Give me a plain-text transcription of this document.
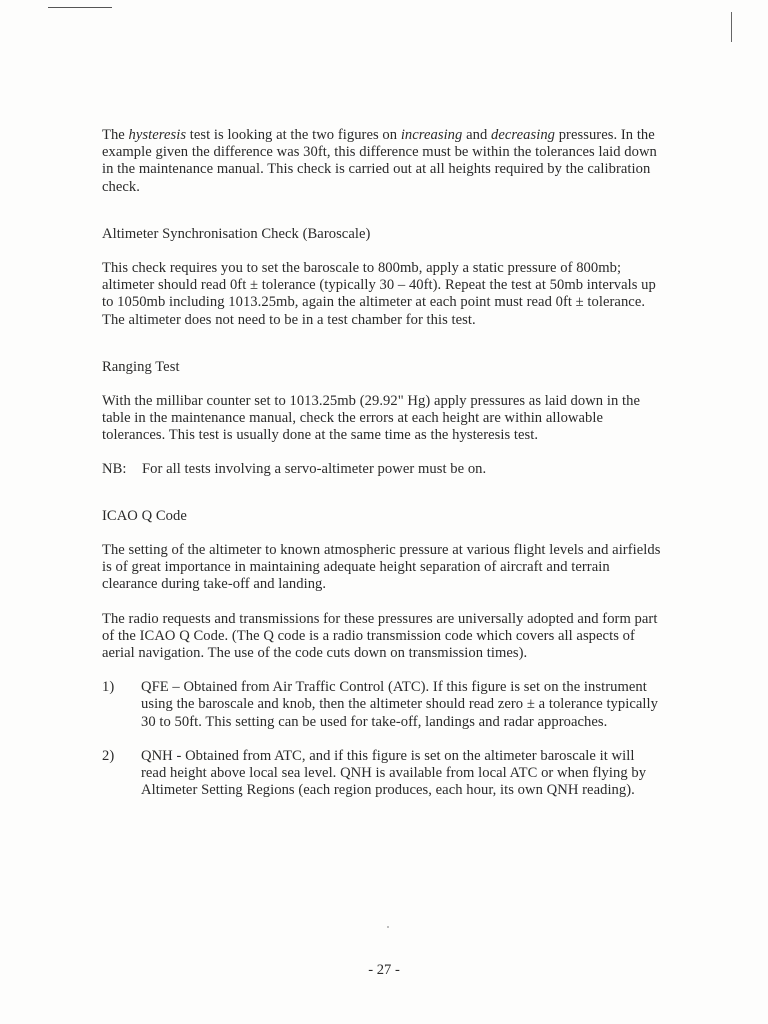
The hysteresis test is looking at the two figures on increasing and decreasing pressures. In the example given the difference was 30ft, this difference must be within the tolerances laid down in the maintenance manual. This check is carried out at all heights required by the calibration check.

Altimeter Synchronisation Check (Baroscale)

This check requires you to set the baroscale to 800mb, apply a static pressure of 800mb; altimeter should read 0ft ± tolerance (typically 30 – 40ft). Repeat the test at 50mb intervals up to 1050mb including 1013.25mb, again the altimeter at each point must read 0ft ± tolerance. The altimeter does not need to be in a test chamber for this test.

Ranging Test

With the millibar counter set to 1013.25mb (29.92" Hg) apply pressures as laid down in the table in the maintenance manual, check the errors at each height are within allowable tolerances. This test is usually done at the same time as the hysteresis test.

NB:	For all tests involving a servo-altimeter power must be on.

ICAO Q Code

The setting of the altimeter to known atmospheric pressure at various flight levels and airfields is of great importance in maintaining adequate height separation of aircraft and terrain clearance during take-off and landing.

The radio requests and transmissions for these pressures are universally adopted and form part of the ICAO Q Code. (The Q code is a radio transmission code which covers all aspects of aerial navigation. The use of the code cuts down on transmission times).

1)	QFE – Obtained from Air Traffic Control (ATC). If this figure is set on the instrument using the baroscale and knob, then the altimeter should read zero ± a tolerance typically 30 to 50ft. This setting can be used for take-off, landings and radar approaches.

2)	QNH - Obtained from ATC, and if this figure is set on the altimeter baroscale it will read height above local sea level. QNH is available from local ATC or when flying by Altimeter Setting Regions (each region produces, each hour, its own QNH reading).

- 27 -
